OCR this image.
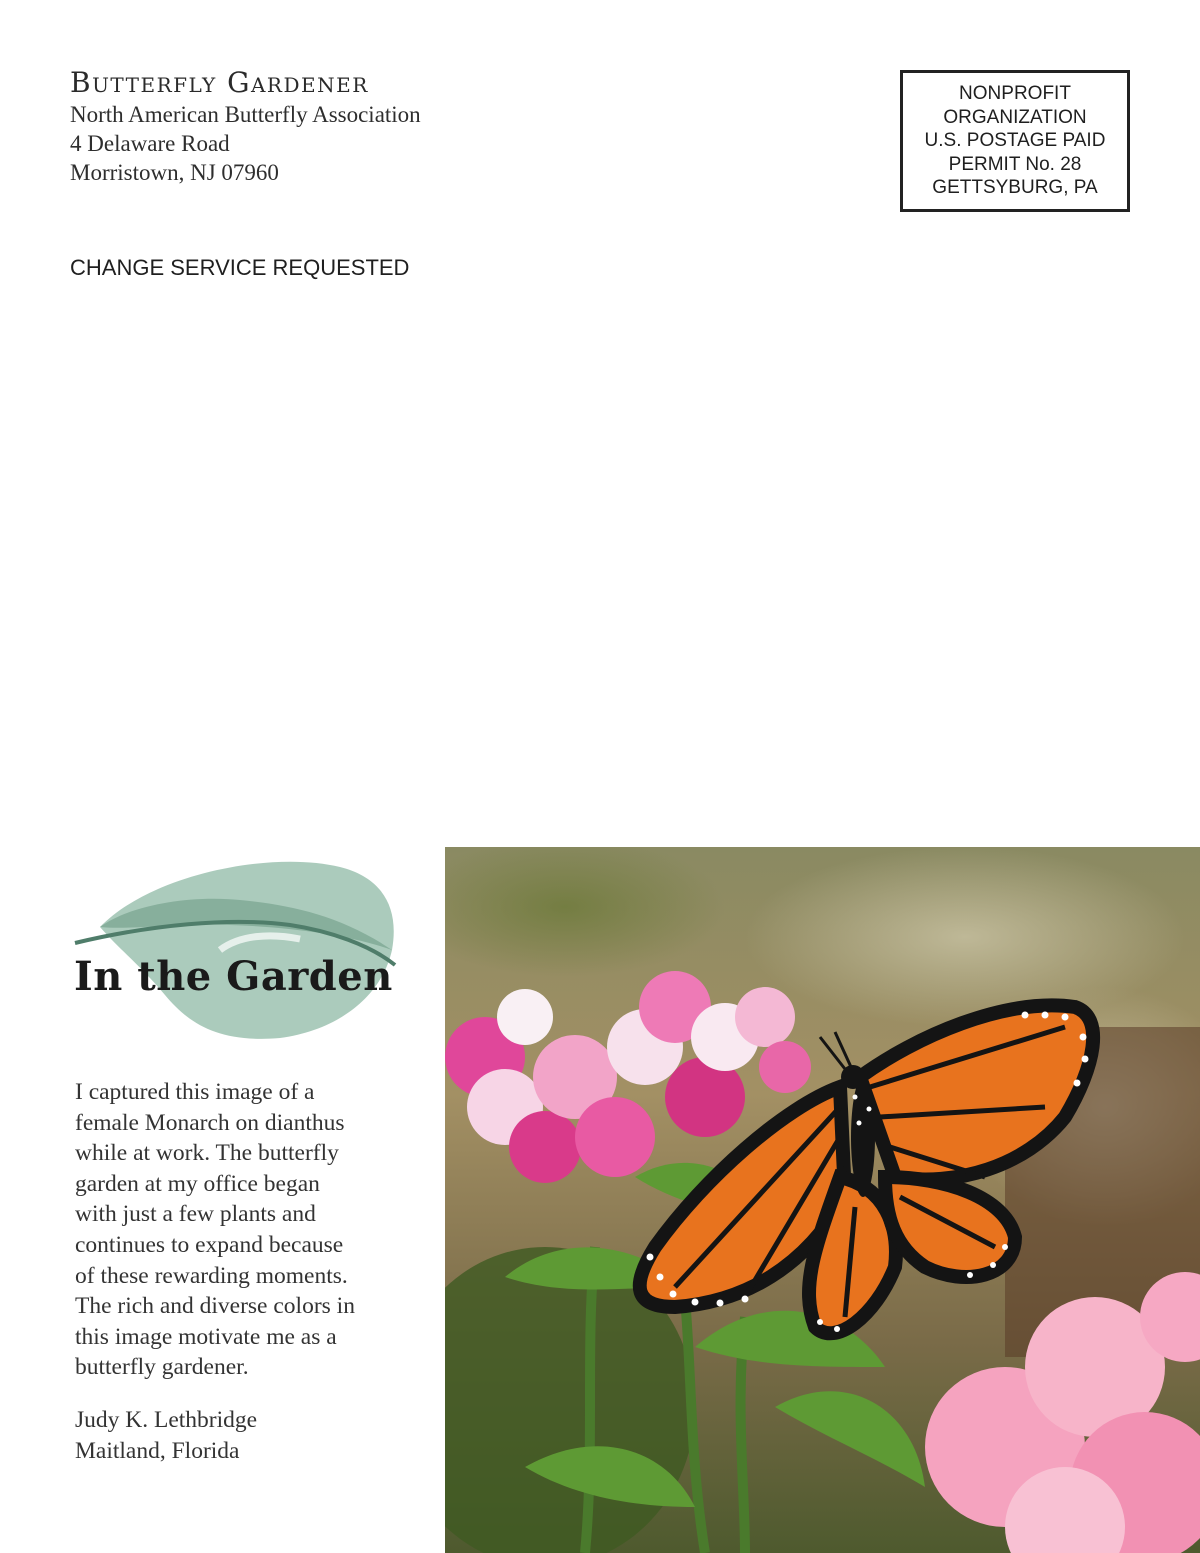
Butterfly Gardener
North American Butterfly Association
4 Delaware Road
Morristown, NJ 07960
NONPROFIT
ORGANIZATION
U.S. POSTAGE PAID
PERMIT No. 28
GETTSYBURG, PA
CHANGE SERVICE REQUESTED
In the Garden
I captured this image of a
female Monarch on dianthus
while at work. The butterfly
garden at my office began
with just a few plants and
continues to expand because
of these rewarding moments.
The rich and diverse colors in
this image motivate me as a
butterfly gardener.
Judy K. Lethbridge
Maitland, Florida
